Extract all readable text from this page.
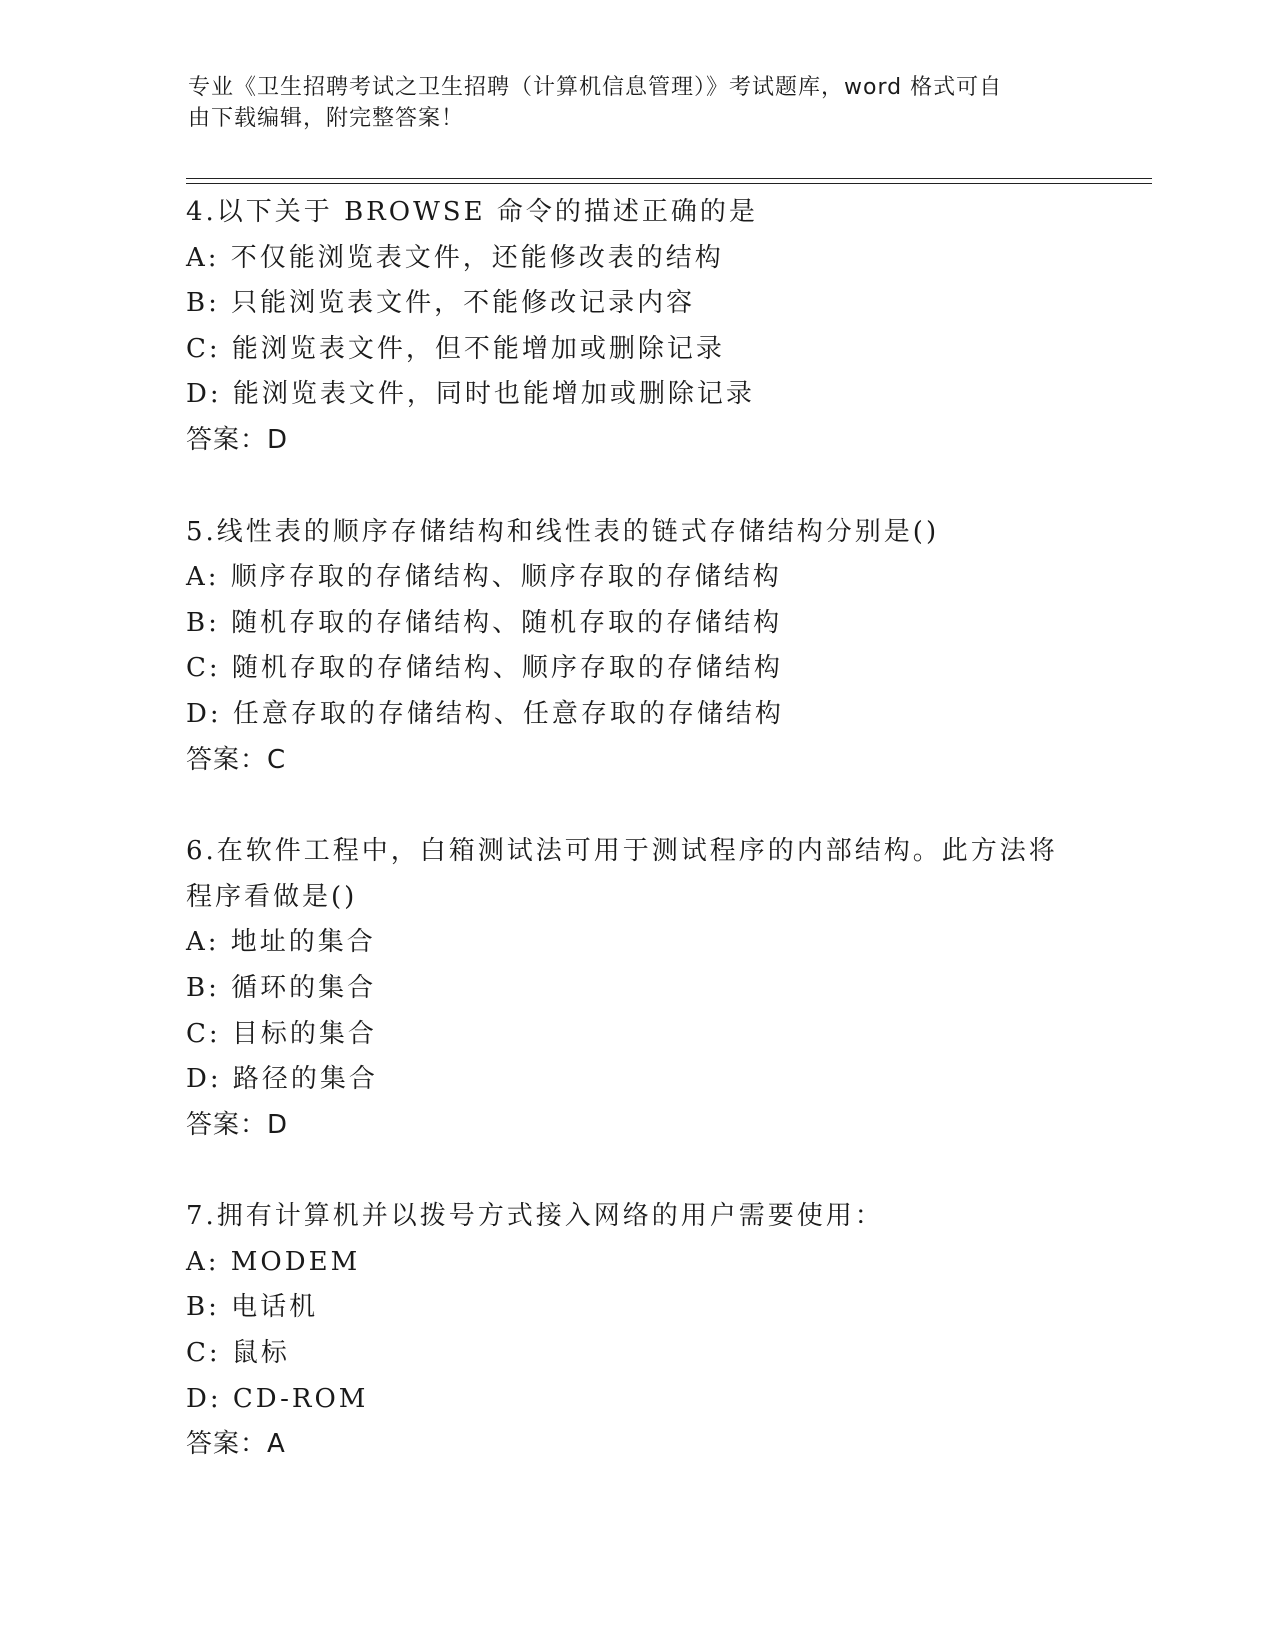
专业《卫生招聘考试之卫生招聘（计算机信息管理）》考试题库，word 格式可自
由下载编辑，附完整答案！
4.以下关于 BROWSE 命令的描述正确的是
A: 不仅能浏览表文件，还能修改表的结构
B: 只能浏览表文件，不能修改记录内容
C: 能浏览表文件，但不能增加或删除记录
D: 能浏览表文件，同时也能增加或删除记录
答案：D
5.线性表的顺序存储结构和线性表的链式存储结构分别是()
A: 顺序存取的存储结构、顺序存取的存储结构
B: 随机存取的存储结构、随机存取的存储结构
C: 随机存取的存储结构、顺序存取的存储结构
D: 任意存取的存储结构、任意存取的存储结构
答案：C
6.在软件工程中，白箱测试法可用于测试程序的内部结构。此方法将
程序看做是()
A: 地址的集合
B: 循环的集合
C: 目标的集合
D: 路径的集合
答案：D
7.拥有计算机并以拨号方式接入网络的用户需要使用：
A: MODEM
B: 电话机
C: 鼠标
D: CD-ROM
答案：A
